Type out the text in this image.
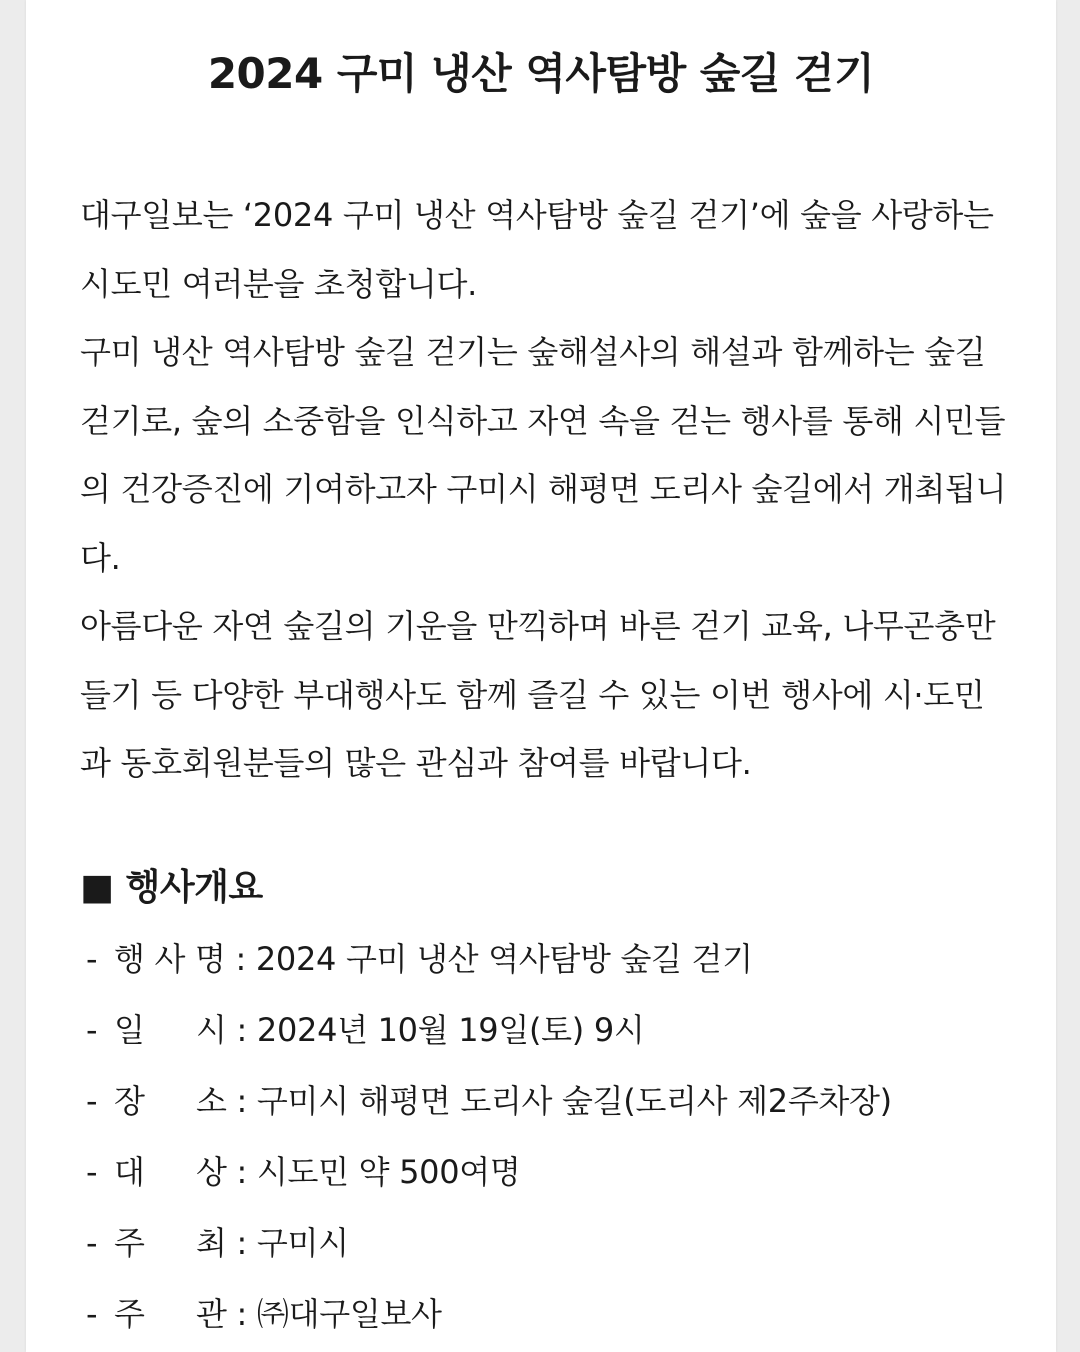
2024 구미 냉산 역사탐방 숲길 걷기

대구일보는 ‘2024 구미 냉산 역사탐방 숲길 걷기’에 숲을 사랑하는 시도민 여러분을 초청합니다.

구미 냉산 역사탐방 숲길 걷기는 숲해설사의 해설과 함께하는 숲길 걷기로, 숲의 소중함을 인식하고 자연 속을 걷는 행사를 통해 시민들의 건강증진에 기여하고자 구미시 해평면 도리사 숲길에서 개최됩니다.

아름다운 자연 숲길의 기운을 만끽하며 바른 걷기 교육, 나무곤충만들기 등 다양한 부대행사도 함께 즐길 수 있는 이번 행사에 시·도민과 동호회원분들의 많은 관심과 참여를 바랍니다.

■ 행사개요
- 행 사 명 : 2024 구미 냉산 역사탐방 숲길 걷기
- 일 　 시 : 2024년 10월 19일(토) 9시
- 장 　 소 : 구미시 해평면 도리사 숲길(도리사 제2주차장)
- 대 　 상 : 시도민 약 500여명
- 주 　 최 : 구미시
- 주 　 관 : ㈜대구일보사
